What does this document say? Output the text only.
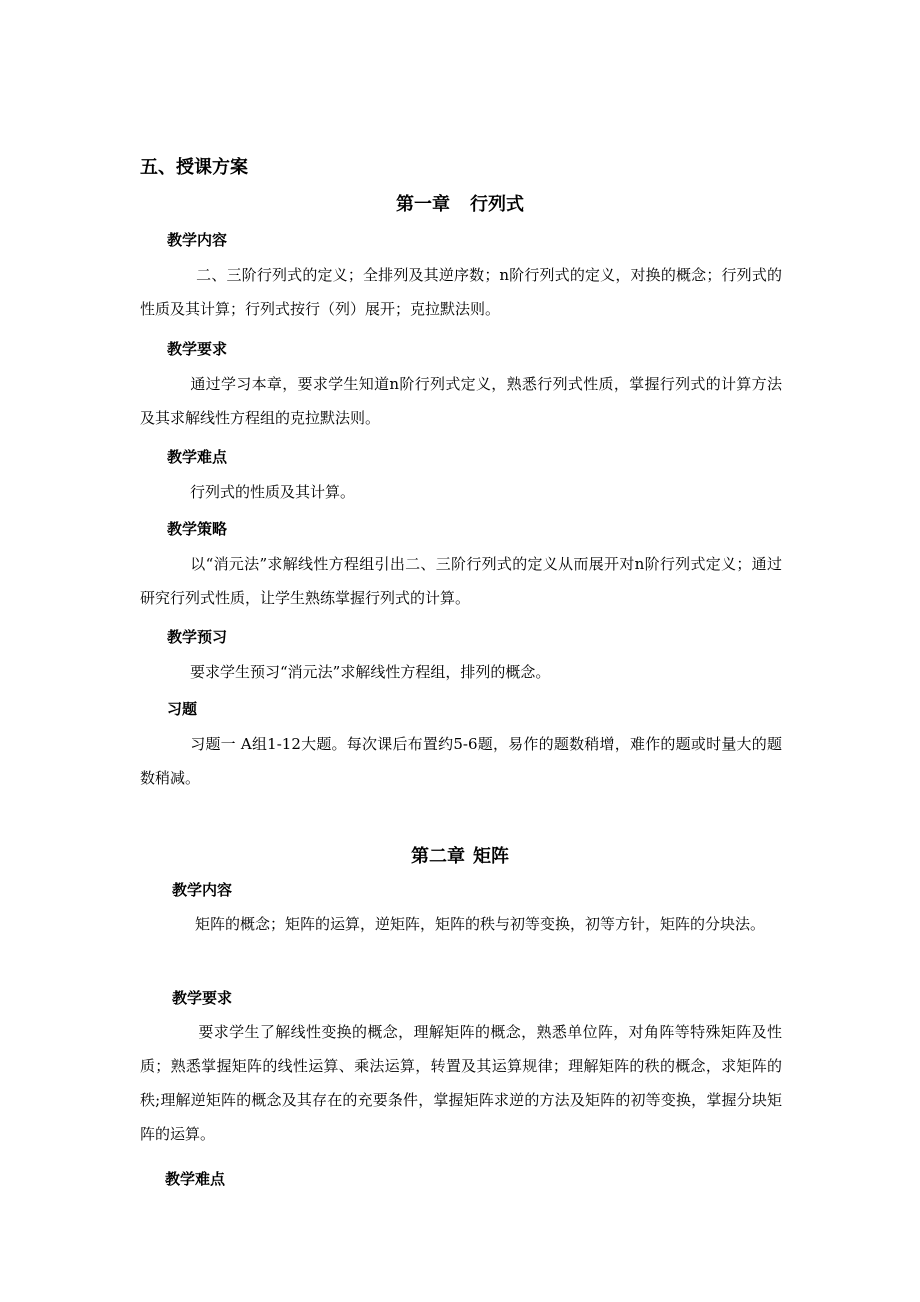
五、授课方案
第一章 行列式
教学内容
二、三阶行列式的定义；全排列及其逆序数；n阶行列式的定义，对换的概念；行列式的性质及其计算；行列式按行（列）展开；克拉默法则。
教学要求
通过学习本章，要求学生知道n阶行列式定义，熟悉行列式性质，掌握行列式的计算方法及其求解线性方程组的克拉默法则。
教学难点
行列式的性质及其计算。
教学策略
以“消元法”求解线性方程组引出二、三阶行列式的定义从而展开对n阶行列式定义；通过研究行列式性质，让学生熟练掌握行列式的计算。
教学预习
要求学生预习“消元法”求解线性方程组，排列的概念。
习题
习题一 A组1-12大题。每次课后布置约5-6题，易作的题数稍增，难作的题或时量大的题数稍减。
第二章 矩阵
教学内容
矩阵的概念；矩阵的运算，逆矩阵，矩阵的秩与初等变换，初等方针，矩阵的分块法。
教学要求
要求学生了解线性变换的概念，理解矩阵的概念，熟悉单位阵，对角阵等特殊矩阵及性质；熟悉掌握矩阵的线性运算、乘法运算，转置及其运算规律；理解矩阵的秩的概念，求矩阵的秩;理解逆矩阵的概念及其存在的充要条件，掌握矩阵求逆的方法及矩阵的初等变换，掌握分块矩阵的运算。
教学难点
